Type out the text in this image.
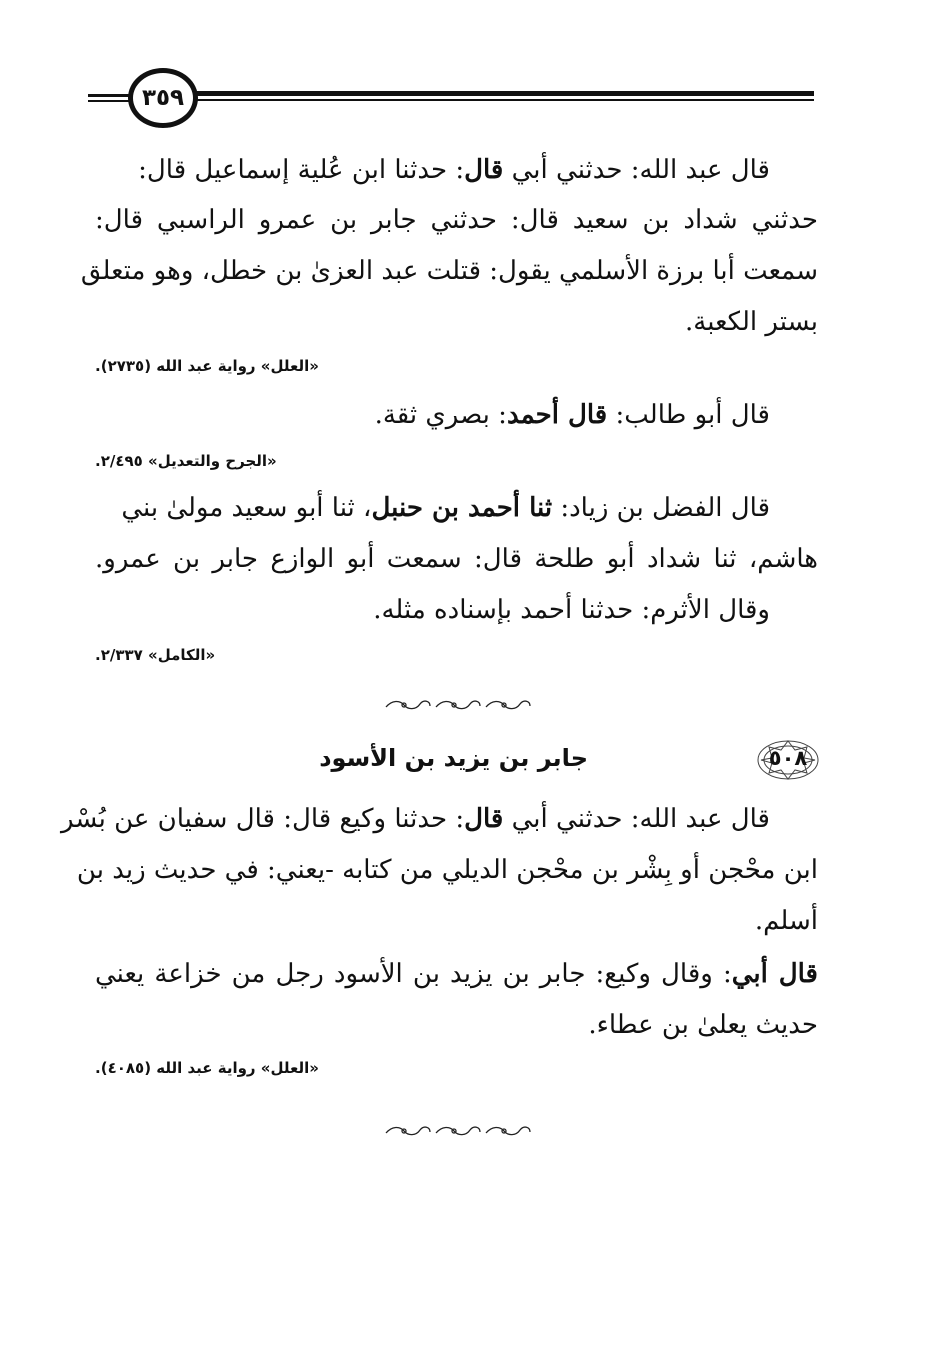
٣٥٩
قال عبد الله: حدثني أبي قال: حدثنا ابن عُلية إسماعيل قال:
حدثني شداد بن سعيد قال: حدثني جابر بن عمرو الراسبي قال:
سمعت أبا برزة الأسلمي يقول: قتلت عبد العزىٰ بن خطل، وهو متعلق
بستر الكعبة.
«العلل» رواية عبد الله (٢٧٣٥).
قال أبو طالب: قال أحمد: بصري ثقة.
«الجرح والتعديل» ٢/٤٩٥.
قال الفضل بن زياد: ثنا أحمد بن حنبل، ثنا أبو سعيد مولىٰ بني
هاشم، ثنا شداد أبو طلحة قال: سمعت أبو الوازع جابر بن عمرو.
وقال الأثرم: حدثنا أحمد بإسناده مثله.
«الكامل» ٢/٣٣٧.
٥٠٨
جابر بن يزيد بن الأسود
قال عبد الله: حدثني أبي قال: حدثنا وكيع قال: قال سفيان عن بُسْر
ابن محْجن أو بِشْر بن محْجن الديلي من كتابه -يعني: في حديث زيد بن
أسلم.
قال أبي: وقال وكيع: جابر بن يزيد بن الأسود رجل من خزاعة يعني
حديث يعلىٰ بن عطاء.
«العلل» رواية عبد الله (٤٠٨٥).
